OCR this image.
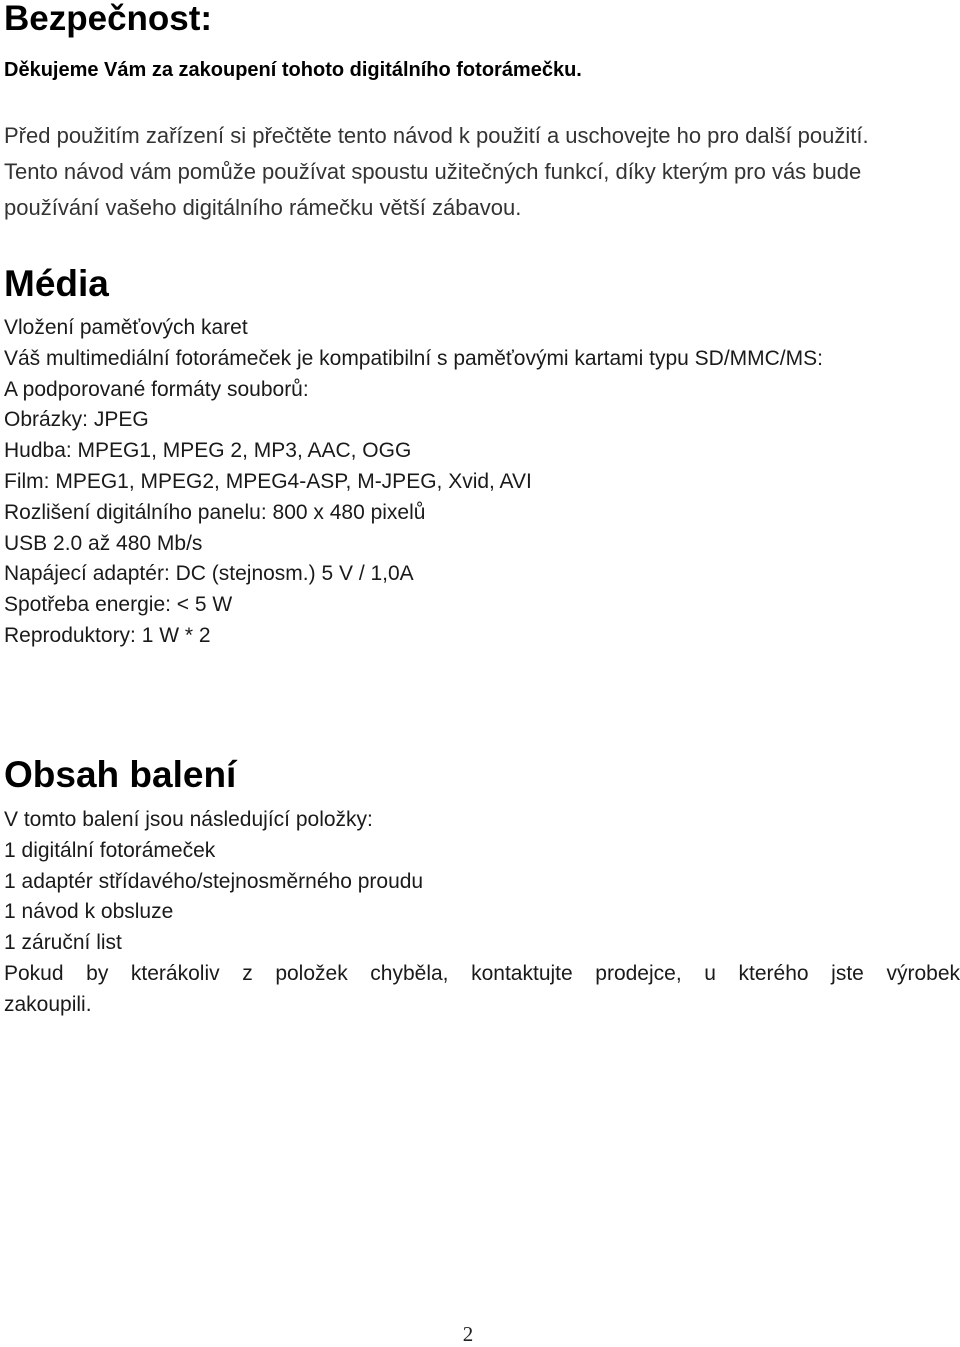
Bezpečnost:
Děkujeme Vám za zakoupení tohoto digitálního fotorámečku.

Před použitím zařízení si přečtěte tento návod k použití a uschovejte ho pro další použití.

Tento návod vám pomůže používat spoustu užitečných funkcí, díky kterým pro vás bude

používání vašeho digitálního rámečku větší zábavou.

Média
Vložení paměťových karet
Váš multimediální fotorámeček je kompatibilní s paměťovými kartami typu SD/MMC/MS:
A podporované formáty souborů:
Obrázky: JPEG
Hudba: MPEG1, MPEG 2, MP3, AAC, OGG
Film: MPEG1, MPEG2, MPEG4-ASP, M-JPEG, Xvid, AVI
Rozlišení digitálního panelu: 800 x 480 pixelů
USB 2.0 až 480 Mb/s
Napájecí adaptér: DC (stejnosm.) 5 V / 1,0A
Spotřeba energie: < 5 W
Reproduktory: 1 W * 2
Obsah balení
V tomto balení jsou následující položky:
1 digitální fotorámeček
1 adaptér střídavého/stejnosměrného proudu
1 návod k obsluze
1 záruční list
Pokud by kterákoliv z položek chyběla, kontaktujte prodejce, u kterého jste výrobek
zakoupili.
2
